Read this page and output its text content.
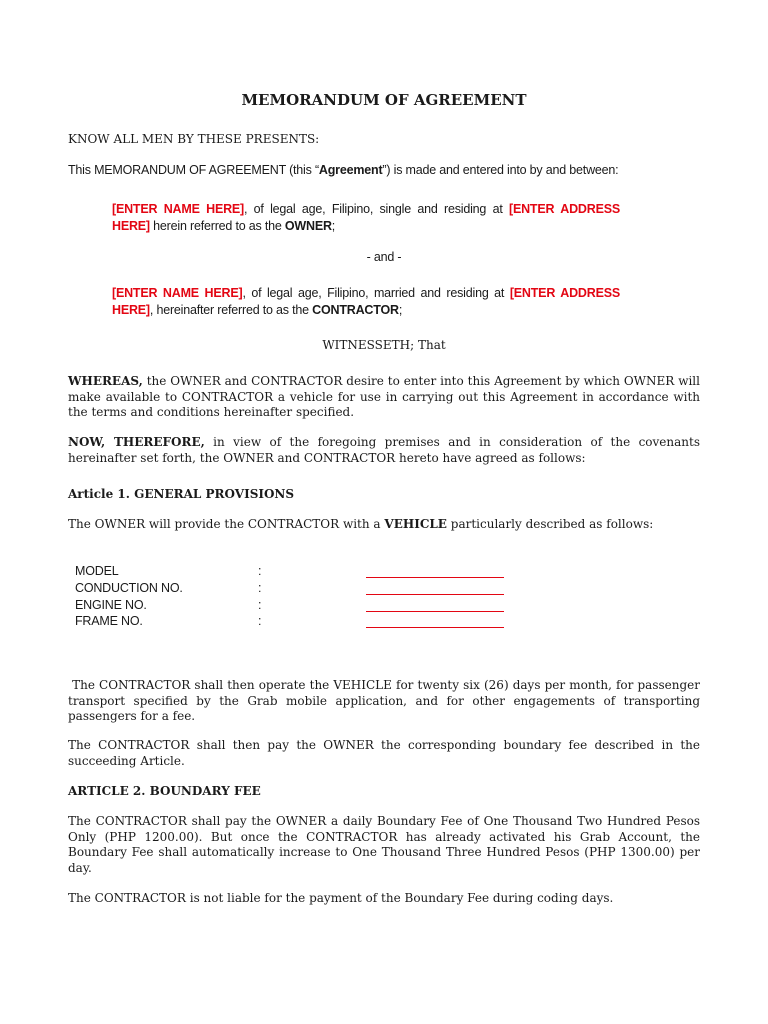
MEMORANDUM OF AGREEMENT
KNOW ALL MEN BY THESE PRESENTS:
This MEMORANDUM OF AGREEMENT (this “Agreement”) is made and entered into by and between:
[ENTER NAME HERE], of legal age, Filipino, single and residing at [ENTER ADDRESS HERE] herein referred to as the OWNER;
- and -
[ENTER NAME HERE], of legal age, Filipino, married and residing at [ENTER ADDRESS HERE], hereinafter referred to as the CONTRACTOR;
WITNESSETH; That
WHEREAS, the OWNER and CONTRACTOR desire to enter into this Agreement by which OWNER will make available to CONTRACTOR a vehicle for use in carrying out this Agreement in accordance with the terms and conditions hereinafter specified.
NOW, THEREFORE, in view of the foregoing premises and in consideration of the covenants hereinafter set forth, the OWNER and CONTRACTOR hereto have agreed as follows:
Article 1. GENERAL PROVISIONS
The OWNER will provide the CONTRACTOR with a VEHICLE particularly described as follows:
MODEL	:
CONDUCTION NO.	:
ENGINE NO.	:
FRAME NO.	:
The CONTRACTOR shall then operate the VEHICLE for twenty six (26) days per month, for passenger transport specified by the Grab mobile application, and for other engagements of transporting passengers for a fee.
The CONTRACTOR shall then pay the OWNER the corresponding boundary fee described in the succeeding Article.
ARTICLE 2. BOUNDARY FEE
The CONTRACTOR shall pay the OWNER a daily Boundary Fee of One Thousand Two Hundred Pesos Only (PHP 1200.00). But once the CONTRACTOR has already activated his Grab Account, the Boundary Fee shall automatically increase to One Thousand Three Hundred Pesos (PHP 1300.00) per day.
The CONTRACTOR is not liable for the payment of the Boundary Fee during coding days.
